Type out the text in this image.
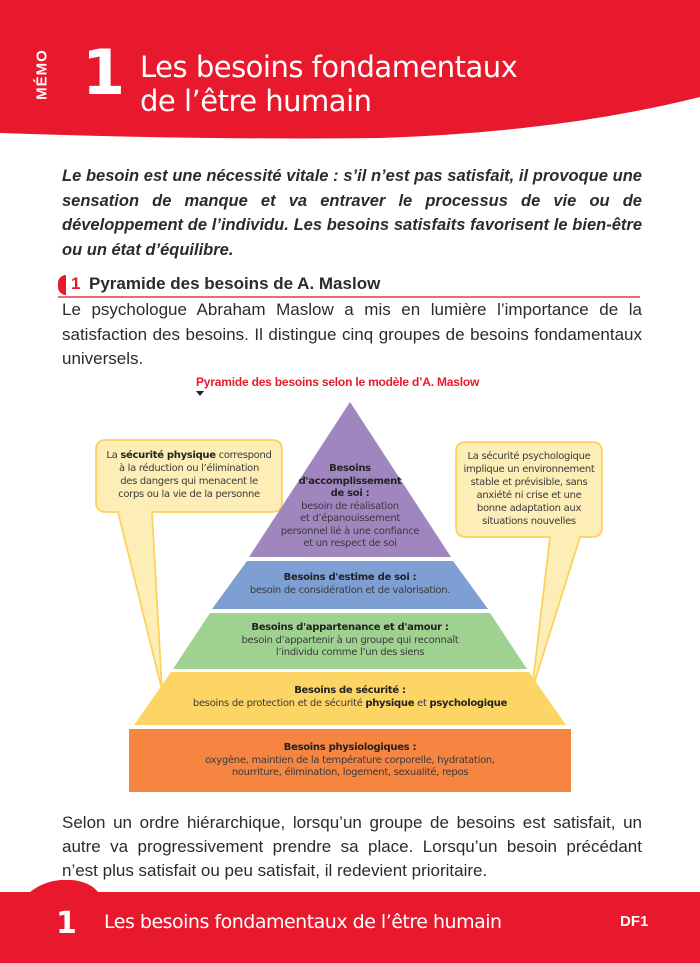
MÉMO 1 Les besoins fondamentaux
de l’être humain

Le besoin est une nécessité vitale : s’il n’est pas satisfait, il provoque une sensation de manque et va entraver le processus de vie ou de développement de l’individu. Les besoins satisfaits favorisent le bien-être ou un état d’équilibre.

1 Pyramide des besoins de A. Maslow

Le psychologue Abraham Maslow a mis en lumière l’importance de la satisfaction des besoins. Il distingue cinq groupes de besoins fondamentaux universels.

Pyramide des besoins selon le modèle d’A. Maslow
La sécurité physique correspond
à la réduction ou l’élimination
des dangers qui menacent le
corps ou la vie de la personne
La sécurité psychologique
implique un environnement
stable et prévisible, sans
anxiété ni crise et une
bonne adaptation aux
situations nouvelles
Besoins
d'accomplissement
de soi :
besoin de réalisation
et d’épanouissement
personnel lié à une confiance
et un respect de soi
Besoins d'estime de soi :
besoin de considération et de valorisation.
Besoins d'appartenance et d'amour :
besoin d’appartenir à un groupe qui reconnaît
l’individu comme l’un des siens
Besoins de sécurité :
besoins de protection et de sécurité physique et psychologique
Besoins physiologiques :
oxygène, maintien de la température corporelle, hydratation,
nourriture, élimination, logement, sexualité, repos

Selon un ordre hiérarchique, lorsqu’un groupe de besoins est satisfait, un autre va progressivement prendre sa place. Lorsqu’un besoin précédant n’est plus satisfait ou peu satisfait, il redevient prioritaire.

1 Les besoins fondamentaux de l’être humain	DF1
